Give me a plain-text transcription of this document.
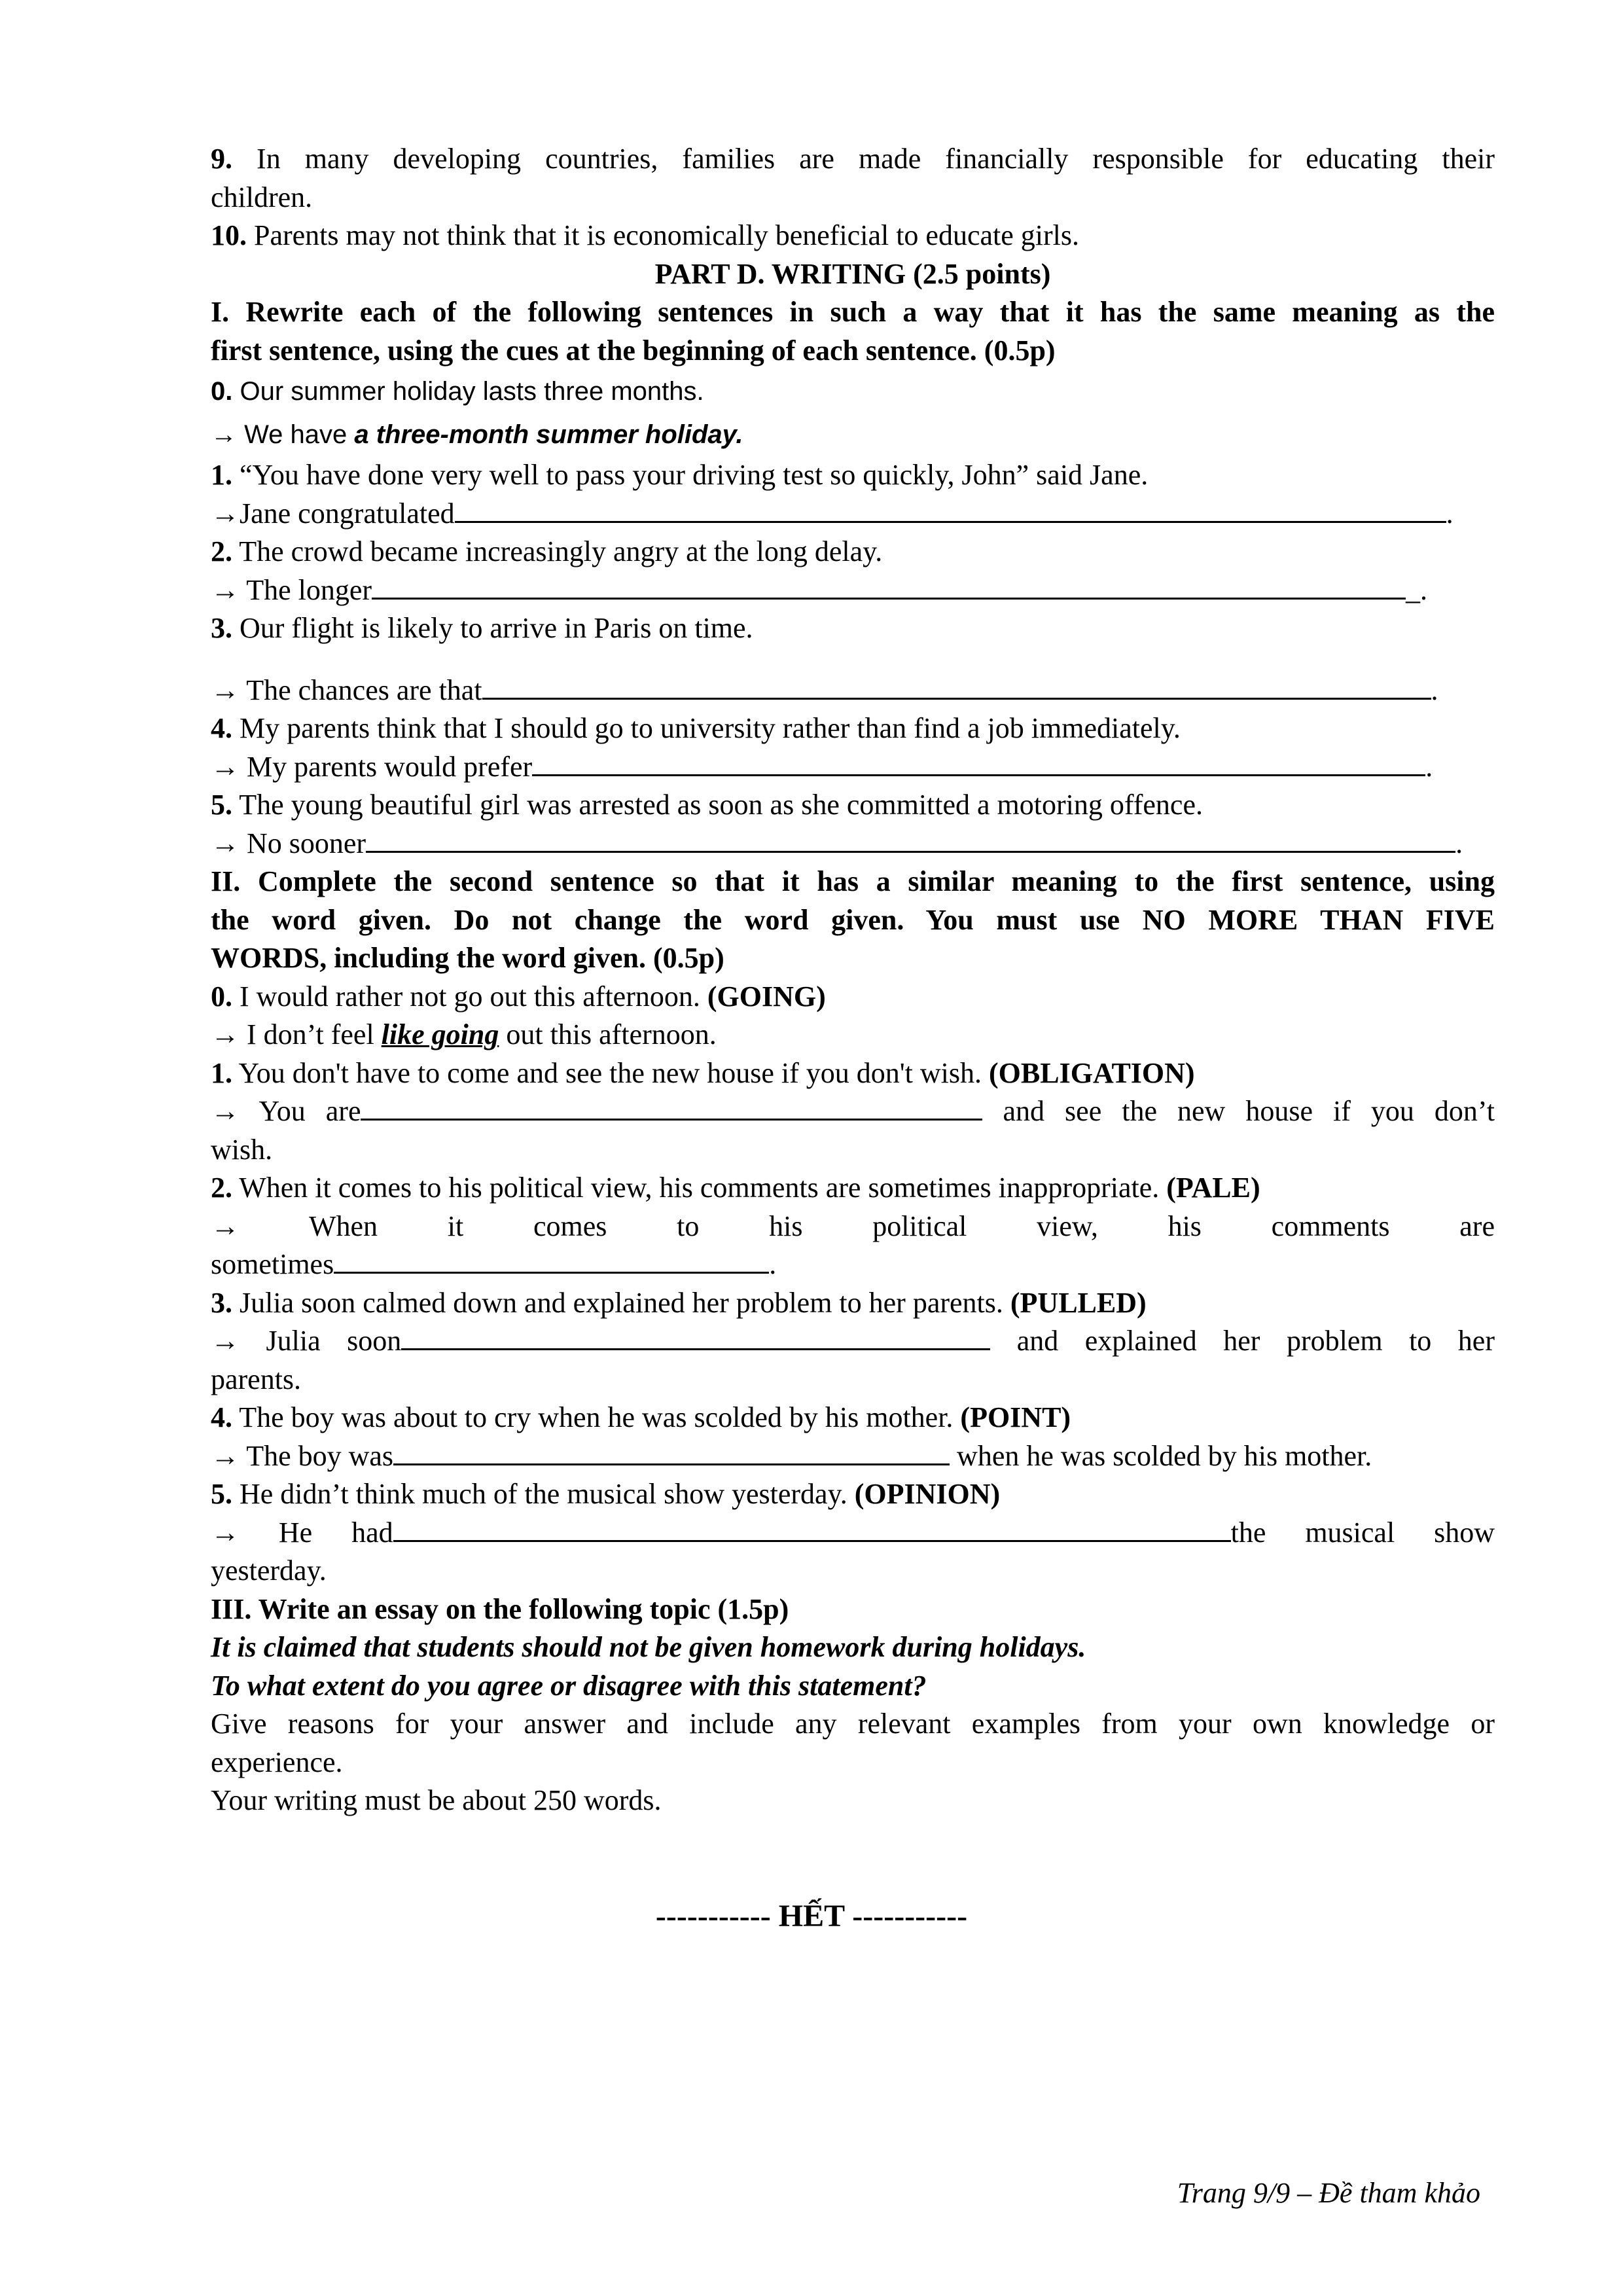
9. In many developing countries, families are made financially responsible for educating their
children.
10. Parents may not think that it is economically beneficial to educate girls.
PART D. WRITING (2.5 points)
I. Rewrite each of the following sentences in such a way that it has the same meaning as the
first sentence, using the cues at the beginning of each sentence. (0.5p)
0. Our summer holiday lasts three months.
→ We have a three-month summer holiday.
1. “You have done very well to pass your driving test so quickly, John” said Jane.
→Jane congratulated	.
2. The crowd became increasingly angry at the long delay.
→ The longer	_.
3. Our flight is likely to arrive in Paris on time.
→ The chances are that	.
4. My parents think that I should go to university rather than find a job immediately.
→ My parents would prefer	.
5. The young beautiful girl was arrested as soon as she committed a motoring offence.
→ No sooner	.
II. Complete the second sentence so that it has a similar meaning to the first sentence, using
the word given. Do not change the word given. You must use NO MORE THAN FIVE
WORDS, including the word given. (0.5p)
0. I would rather not go out this afternoon. (GOING)
→ I don’t feel like going out this afternoon.
1. You don't have to come and see the new house if you don't wish. (OBLIGATION)
→ You are	and see the new house if you don’t
wish.
2. When it comes to his political view, his comments are sometimes inappropriate. (PALE)
→ When it comes to his political view, his comments are
sometimes	.
3. Julia soon calmed down and explained her problem to her parents. (PULLED)
→ Julia soon	and explained her problem to her
parents.
4. The boy was about to cry when he was scolded by his mother. (POINT)
→ The boy was	when he was scolded by his mother.
5. He didn’t think much of the musical show yesterday. (OPINION)
→ He had	the musical show
yesterday.
III. Write an essay on the following topic (1.5p)
It is claimed that students should not be given homework during holidays.
To what extent do you agree or disagree with this statement?
Give reasons for your answer and include any relevant examples from your own knowledge or
experience.
Your writing must be about 250 words.
----------- HẾT -----------
Trang 9/9 – Đề tham khảo
